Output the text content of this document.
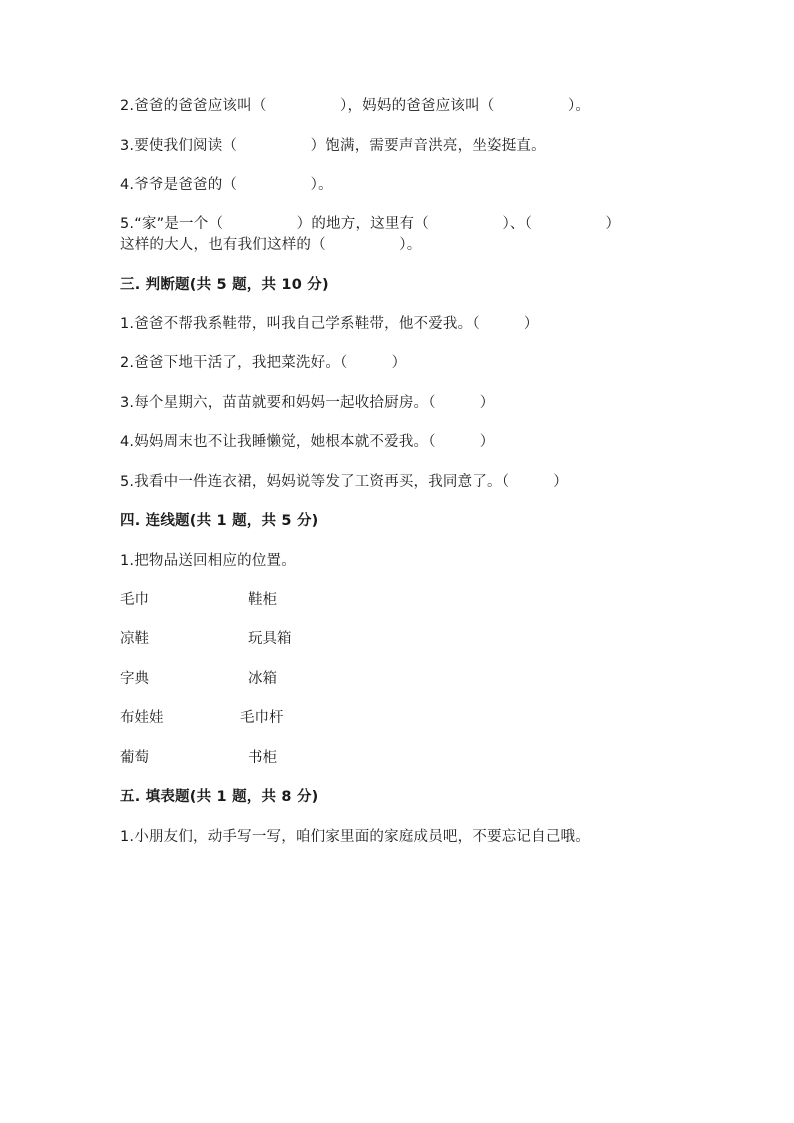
2.爸爸的爸爸应该叫（　　　　　），妈妈的爸爸应该叫（　　　　　）。
3.要使我们阅读（　　　　　）饱满，需要声音洪亮，坐姿挺直。
4.爷爷是爸爸的（　　　　　）。
5.“家”是一个（　　　　　）的地方，这里有（　　　　　）、（　　　　　）
这样的大人，也有我们这样的（　　　　　）。
三. 判断题(共 5 题，共 10 分)
1.爸爸不帮我系鞋带，叫我自己学系鞋带，他不爱我。（　　　）
2.爸爸下地干活了，我把菜洗好。（　　　）
3.每个星期六，苗苗就要和妈妈一起收拾厨房。（　　　）
4.妈妈周末也不让我睡懒觉，她根本就不爱我。（　　　）
5.我看中一件连衣裙，妈妈说等发了工资再买，我同意了。（　　　）
四. 连线题(共 1 题，共 5 分)
1.把物品送回相应的位置。
毛巾	鞋柜
凉鞋	玩具箱
字典	冰箱
布娃娃	毛巾杆
葡萄	书柜
五. 填表题(共 1 题，共 8 分)
1.小朋友们，动手写一写，咱们家里面的家庭成员吧，不要忘记自己哦。
